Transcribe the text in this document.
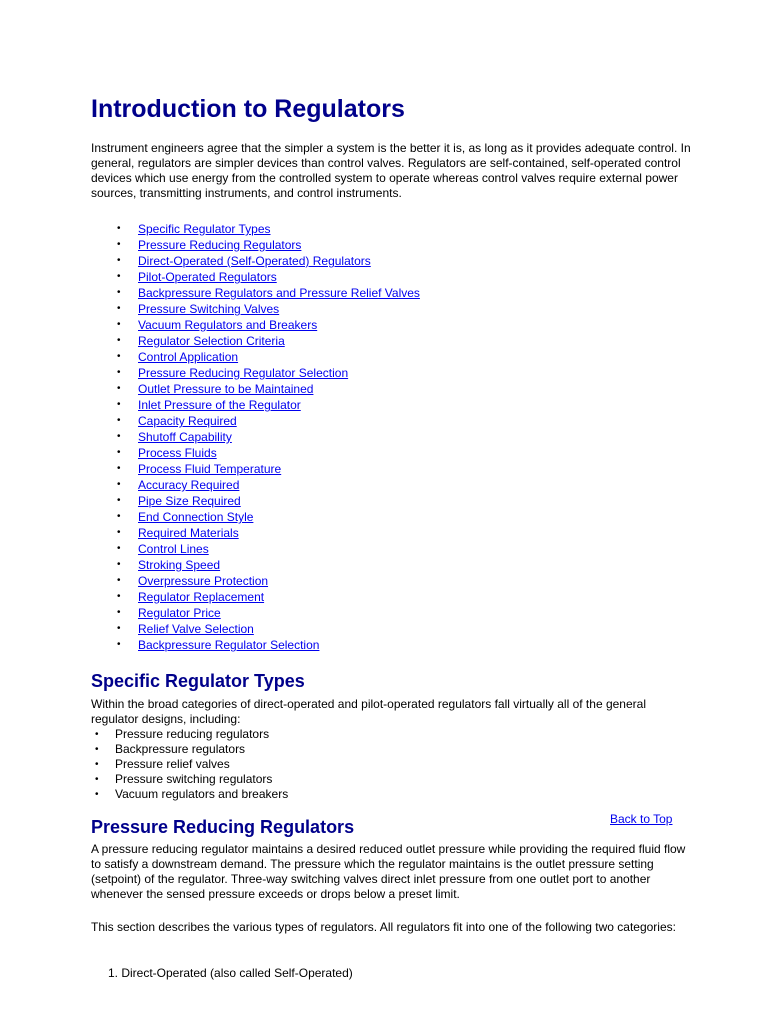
Introduction to Regulators

Instrument engineers agree that the simpler a system is the better it is, as long as it provides adequate control. In general, regulators are simpler devices than control valves. Regulators are self-contained, self-operated control devices which use energy from the controlled system to operate whereas control valves require external power sources, transmitting instruments, and control instruments.

• Specific Regulator Types
• Pressure Reducing Regulators
• Direct-Operated (Self-Operated) Regulators
• Pilot-Operated Regulators
• Backpressure Regulators and Pressure Relief Valves
• Pressure Switching Valves
• Vacuum Regulators and Breakers
• Regulator Selection Criteria
• Control Application
• Pressure Reducing Regulator Selection
• Outlet Pressure to be Maintained
• Inlet Pressure of the Regulator
• Capacity Required
• Shutoff Capability
• Process Fluids
• Process Fluid Temperature
• Accuracy Required
• Pipe Size Required
• End Connection Style
• Required Materials
• Control Lines
• Stroking Speed
• Overpressure Protection
• Regulator Replacement
• Regulator Price
• Relief Valve Selection
• Backpressure Regulator Selection
Specific Regulator Types

Within the broad categories of direct-operated and pilot-operated regulators fall virtually all of the general regulator designs, including:

• Pressure reducing regulators
• Backpressure regulators
• Pressure relief valves
• Pressure switching regulators
• Vacuum regulators and breakers
Back to Top
Pressure Reducing Regulators

A pressure reducing regulator maintains a desired reduced outlet pressure while providing the required fluid flow to satisfy a downstream demand. The pressure which the regulator maintains is the outlet pressure setting (setpoint) of the regulator. Three-way switching valves direct inlet pressure from one outlet port to another whenever the sensed pressure exceeds or drops below a preset limit.

This section describes the various types of regulators. All regulators fit into one of the following two categories:

1. Direct-Operated (also called Self-Operated)
